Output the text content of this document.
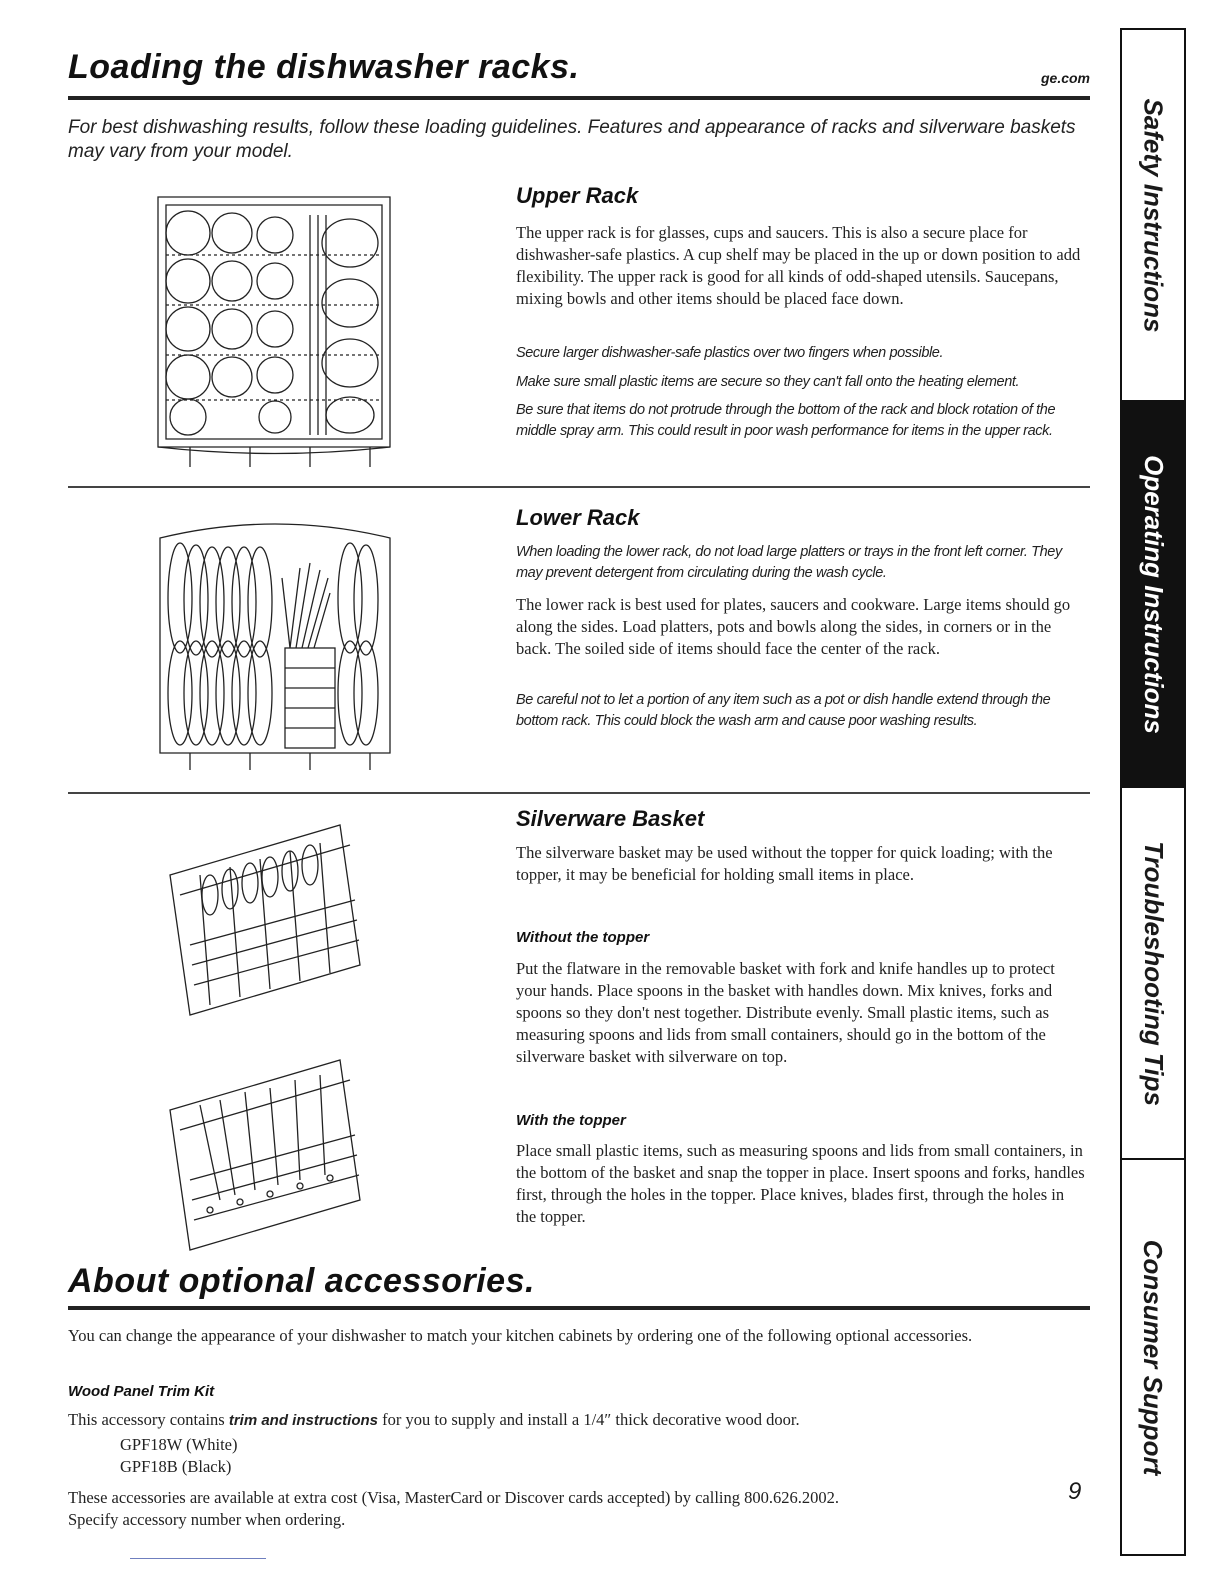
Loading the dishwasher racks.	ge.com

For best dishwashing results, follow these loading guidelines. Features and appearance of racks and silverware baskets may vary from your model.

Upper Rack

The upper rack is for glasses, cups and saucers. This is also a secure place for dishwasher-safe plastics. A cup shelf may be placed in the up or down position to add flexibility. The upper rack is good for all kinds of odd-shaped utensils. Saucepans, mixing bowls and other items should be placed face down.

Secure larger dishwasher-safe plastics over two fingers when possible.

Make sure small plastic items are secure so they can't fall onto the heating element.

Be sure that items do not protrude through the bottom of the rack and block rotation of the middle spray arm. This could result in poor wash performance for items in the upper rack.

Lower Rack

When loading the lower rack, do not load large platters or trays in the front left corner. They may prevent detergent from circulating during the wash cycle.

The lower rack is best used for plates, saucers and cookware. Large items should go along the sides. Load platters, pots and bowls along the sides, in corners or in the back. The soiled side of items should face the center of the rack.

Be careful not to let a portion of any item such as a pot or dish handle extend through the bottom rack. This could block the wash arm and cause poor washing results.

Silverware Basket

The silverware basket may be used without the topper for quick loading; with the topper, it may be beneficial for holding small items in place.

Without the topper

Put the flatware in the removable basket with fork and knife handles up to protect your hands. Place spoons in the basket with handles down. Mix knives, forks and spoons so they don't nest together. Distribute evenly. Small plastic items, such as measuring spoons and lids from small containers, should go in the bottom of the silverware basket with silverware on top.

With the topper

Place small plastic items, such as measuring spoons and lids from small containers, in the bottom of the basket and snap the topper in place. Insert spoons and forks, handles first, through the holes in the topper. Place knives, blades first, through the holes in the topper.

About optional accessories.

You can change the appearance of your dishwasher to match your kitchen cabinets by ordering one of the following optional accessories.

Wood Panel Trim Kit

This accessory contains trim and instructions for you to supply and install a 1/4″ thick decorative wood door.

GPF18W (White)
GPF18B (Black)

These accessories are available at extra cost (Visa, MasterCard or Discover cards accepted) by calling 800.626.2002.

Specify accessory number when ordering.

9
Safety Instructions
Operating Instructions
Troubleshooting Tips
Consumer Support
